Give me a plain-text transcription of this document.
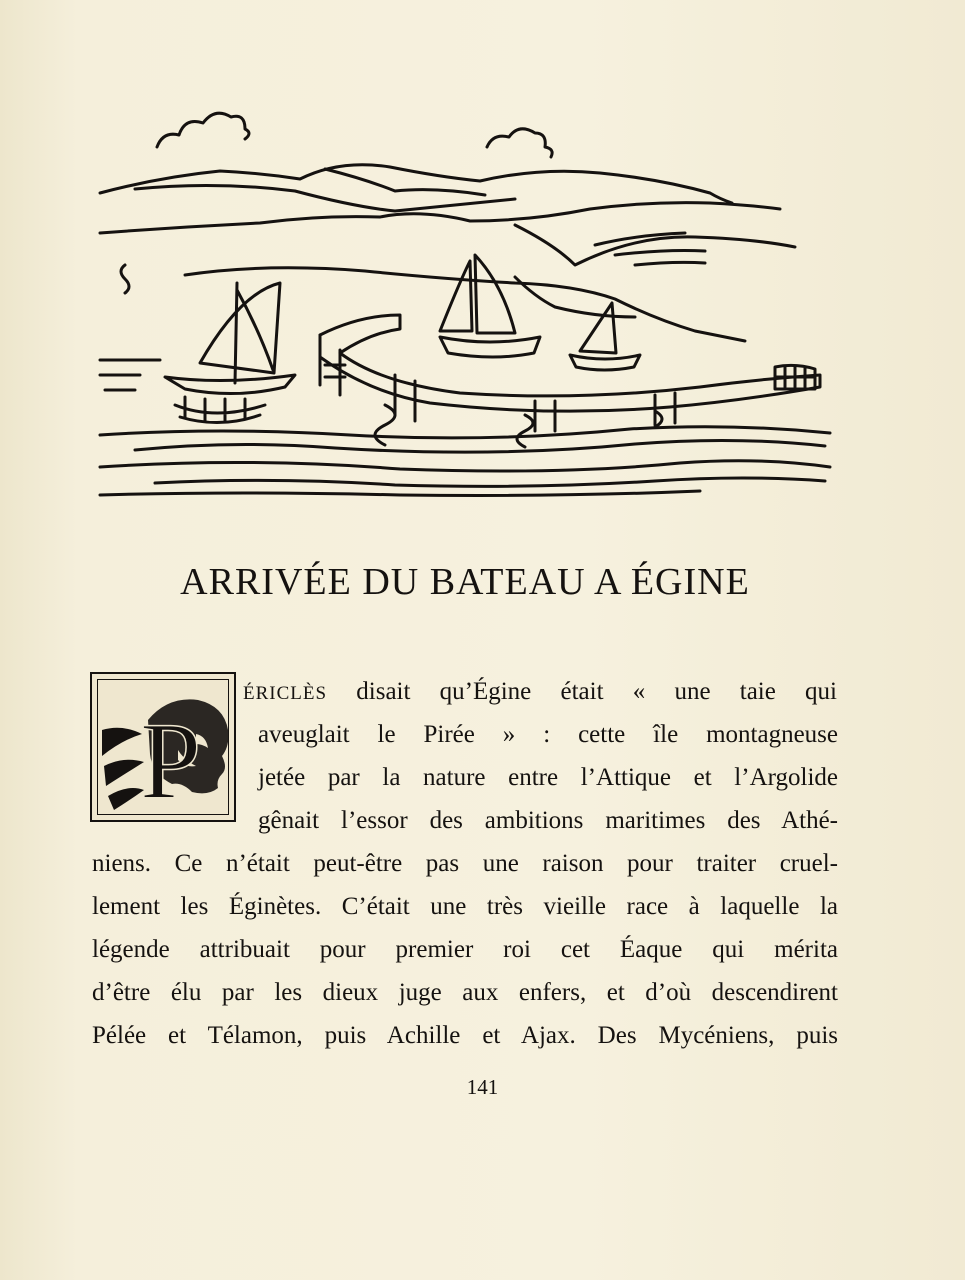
ARRIVÉE DU BATEAU A ÉGINE
P

ÉRICLÈS disait qu’Égine était « une taie qui

aveuglait le Pirée » : cette île montagneuse

jetée par la nature entre l’Attique et l’Argolide

gênait l’essor des ambitions maritimes des Athé-

niens. Ce n’était peut-être pas une raison pour traiter cruel-

lement les Éginètes. C’était une très vieille race à laquelle la

légende attribuait pour premier roi cet Éaque qui mérita

d’être élu par les dieux juge aux enfers, et d’où descendirent

Pélée et Télamon, puis Achille et Ajax. Des Mycéniens, puis

141
